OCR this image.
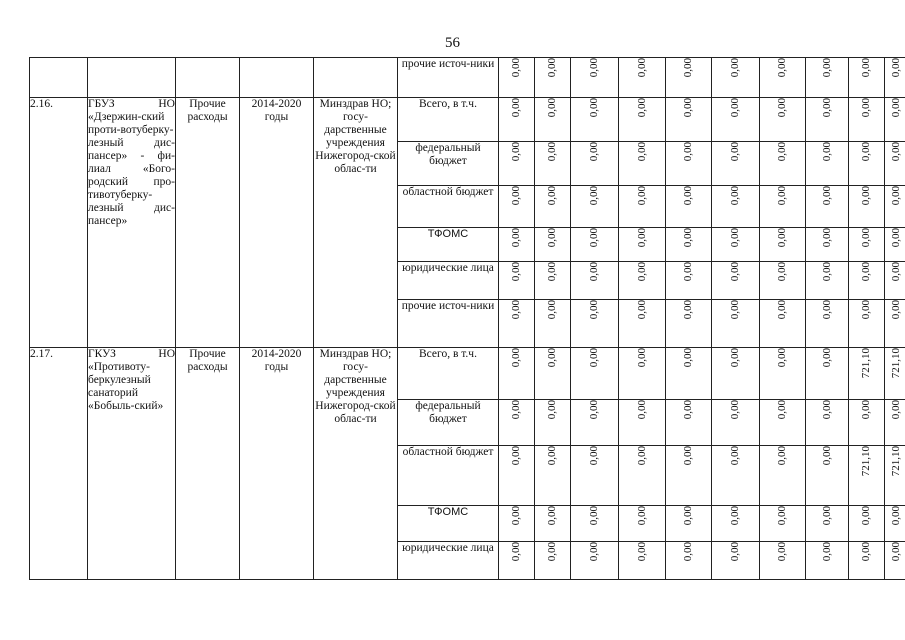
56
					прочие источ-ники	0,00	0,00	0,00	0,00	0,00	0,00	0,00	0,00	0,00	0,00
2.16.	ГБУЗ НО «Дзержин-ский проти-вотуберку-лезный дис-пансер» - фи-лиал «Бого-родский про-тивотуберку-лезный дис-пансер»	Прочие расходы	2014-2020 годы	Минздрав НО; госу-дарственные учреждения Нижегород-ской облас-ти	Всего, в т.ч.	0,00	0,00	0,00	0,00	0,00	0,00	0,00	0,00	0,00	0,00
					федеральный бюджет	0,00	0,00	0,00	0,00	0,00	0,00	0,00	0,00	0,00	0,00
					областной бюджет	0,00	0,00	0,00	0,00	0,00	0,00	0,00	0,00	0,00	0,00
					ТФОМС	0,00	0,00	0,00	0,00	0,00	0,00	0,00	0,00	0,00	0,00
					юридические лица	0,00	0,00	0,00	0,00	0,00	0,00	0,00	0,00	0,00	0,00
					прочие источ-ники	0,00	0,00	0,00	0,00	0,00	0,00	0,00	0,00	0,00	0,00
2.17.	ГКУЗ НО «Противоту-беркулезный санаторий «Бобыль-ский»	Прочие расходы	2014-2020 годы	Минздрав НО; госу-дарственные учреждения Нижегород-ской облас-ти	Всего, в т.ч.	0,00	0,00	0,00	0,00	0,00	0,00	0,00	0,00	721,10	721,10
					федеральный бюджет	0,00	0,00	0,00	0,00	0,00	0,00	0,00	0,00	0,00	0,00
					областной бюджет	0,00	0,00	0,00	0,00	0,00	0,00	0,00	0,00	721,10	721,10
					ТФОМС	0,00	0,00	0,00	0,00	0,00	0,00	0,00	0,00	0,00	0,00
					юридические лица	0,00	0,00	0,00	0,00	0,00	0,00	0,00	0,00	0,00	0,00
